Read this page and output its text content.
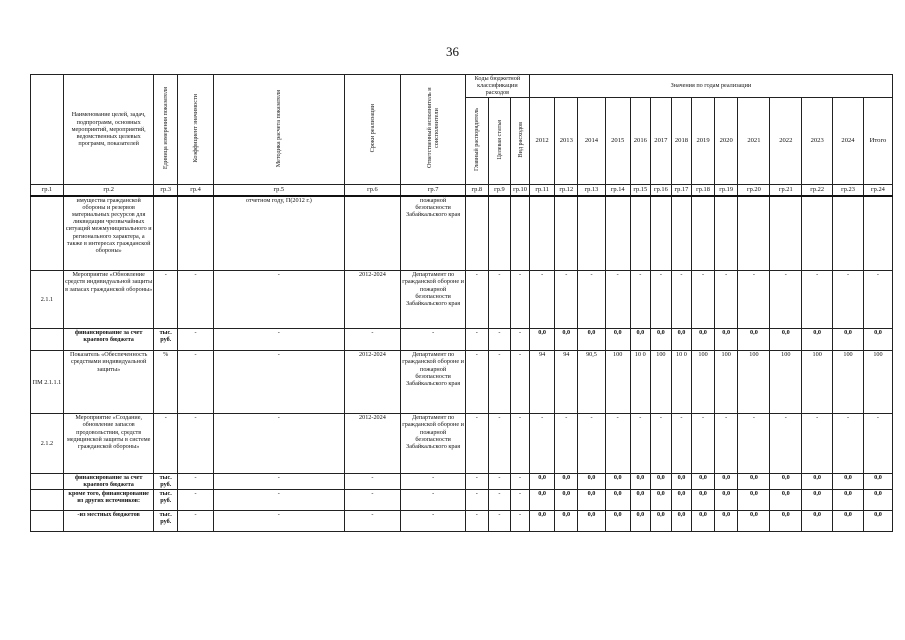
36
	Наименование целей, задач, подпрограмм, основных мероприятий, мероприятий, ведомственных целевых программ, показателей	Единица измерения показателя	Коэффициент значимости	Методика расчета показателя	Сроки реализации	Ответственный исполнитель и соисполнители	Коды бюджетной классификации расходов			Значения по годам реализации													
							Главный распорядитель	Целевая статья	Вид расходов	2012	2013	2014	2015	2016	2017	2018	2019	2020	2021	2022	2023	2024	Итого
гр.1	гр.2	гр.3	гр.4	гр.5	гр.6	гр.7	гр.8	гр.9	гр.10	гр.11	гр.12	гр.13	гр.14	гр.15	гр.16	гр.17	гр.18	гр.19	гр.20	гр.21	гр.22	гр.23	гр.24
	имущества гражданской обороны и резервов материальных ресурсов для ликвидации чрезвычайных ситуаций межмуниципального и регионального характера, а также в интересах гражданской обороны»			отчетном году, П(2012 г.)		пожарной безопасности Забайкальского края																	
2.1.1	Мероприятие «Обновление средств индивидуальной защиты в запасах гражданской обороны»	-	-	-	2012-2024	Департамент по гражданской обороне и пожарной безопасности Забайкальского края	-	-	-	-	-	-	-	-	-	-	-	-	-	-	-	-	-
	финансирование за счет краевого бюджета	тыс. руб.	-	-	-	-	-	-	-	0,0	0,0	0,0	0,0	0,0	0,0	0,0	0,0	0,0	0,0	0,0	0,0	0,0	0,0
ПМ 2.1.1.1	Показатель «Обеспеченность средствами индивидуальной защиты»	%	-	-	2012-2024	Департамент по гражданской обороне и пожарной безопасности Забайкальского края	-	-	-	94	94	90,5	100	10 0	100	10 0	100	100	100	100	100	100	100
2.1.2	Мероприятие «Создание, обновление запасов продовольствия, средств медицинской защиты в системе гражданской обороны»	-	-	-	2012-2024	Департамент по гражданской обороне и пожарной безопасности Забайкальского края	-	-	-	-	-	-	-	-	-	-	-	-	-	-	-	-	-
	финансирование за счет краевого бюджета	тыс. руб.	-	-	-	-	-	-	-	0,0	0,0	0,0	0,0	0,0	0,0	0,0	0,0	0,0	0,0	0,0	0,0	0,0	0,0
	кроме того, финансирование из других источников:	тыс. руб.	-	-	-	-	-	-	-	0,0	0,0	0,0	0,0	0,0	0,0	0,0	0,0	0,0	0,0	0,0	0,0	0,0	0,0
	-из местных бюджетов	тыс. руб.	-	-	-	-	-	-	-	0,0	0,0	0,0	0,0	0,0	0,0	0,0	0,0	0,0	0,0	0,0	0,0	0,0	0,0
